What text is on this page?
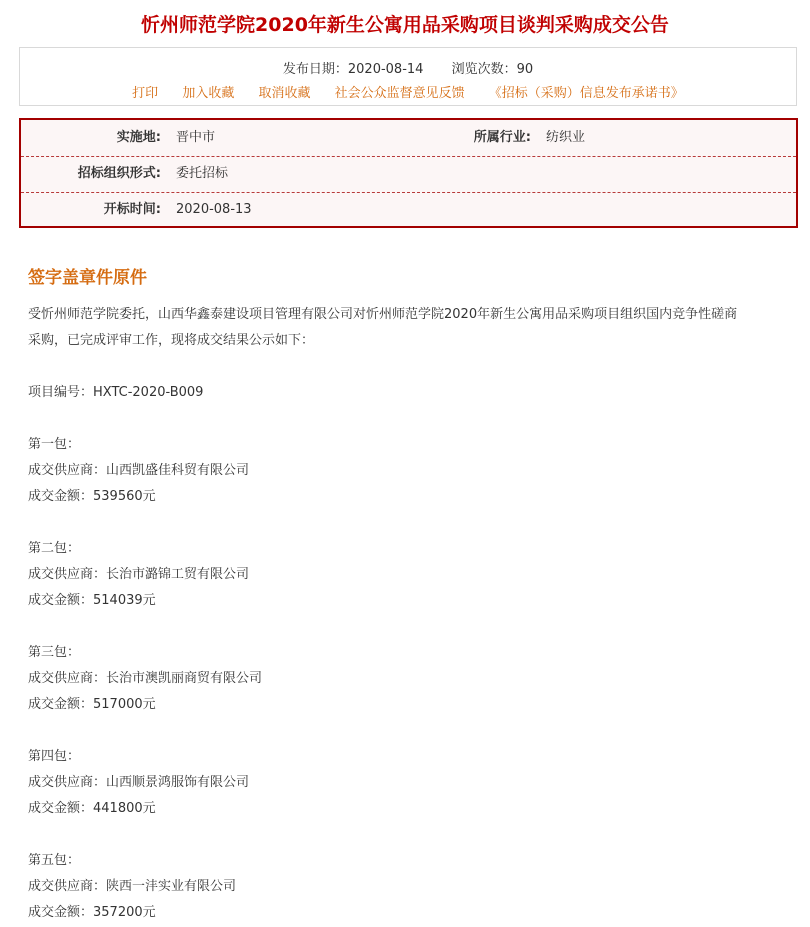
忻州师范学院2020年新生公寓用品采购项目谈判采购成交公告
发布日期：2020-08-14 浏览次数：90
打印 加入收藏 取消收藏 社会公众监督意见反馈 《招标（采购）信息发布承诺书》
实施地: 晋中市	所属行业: 纺织业
招标组织形式: 委托招标
开标时间: 2020-08-13
签字盖章件原件
受忻州师范学院委托，山西华鑫泰建设项目管理有限公司对忻州师范学院2020年新生公寓用品采购项目组织国内竞争性磋商
采购，已完成评审工作，现将成交结果公示如下：
项目编号：HXTC-2020-B009
第一包：
成交供应商：山西凯盛佳科贸有限公司
成交金额：539560元
第二包：
成交供应商：长治市潞锦工贸有限公司
成交金额：514039元
第三包：
成交供应商：长治市澳凯丽商贸有限公司
成交金额：517000元
第四包：
成交供应商：山西顺景鸿服饰有限公司
成交金额：441800元
第五包：
成交供应商：陕西一沣实业有限公司
成交金额：357200元
